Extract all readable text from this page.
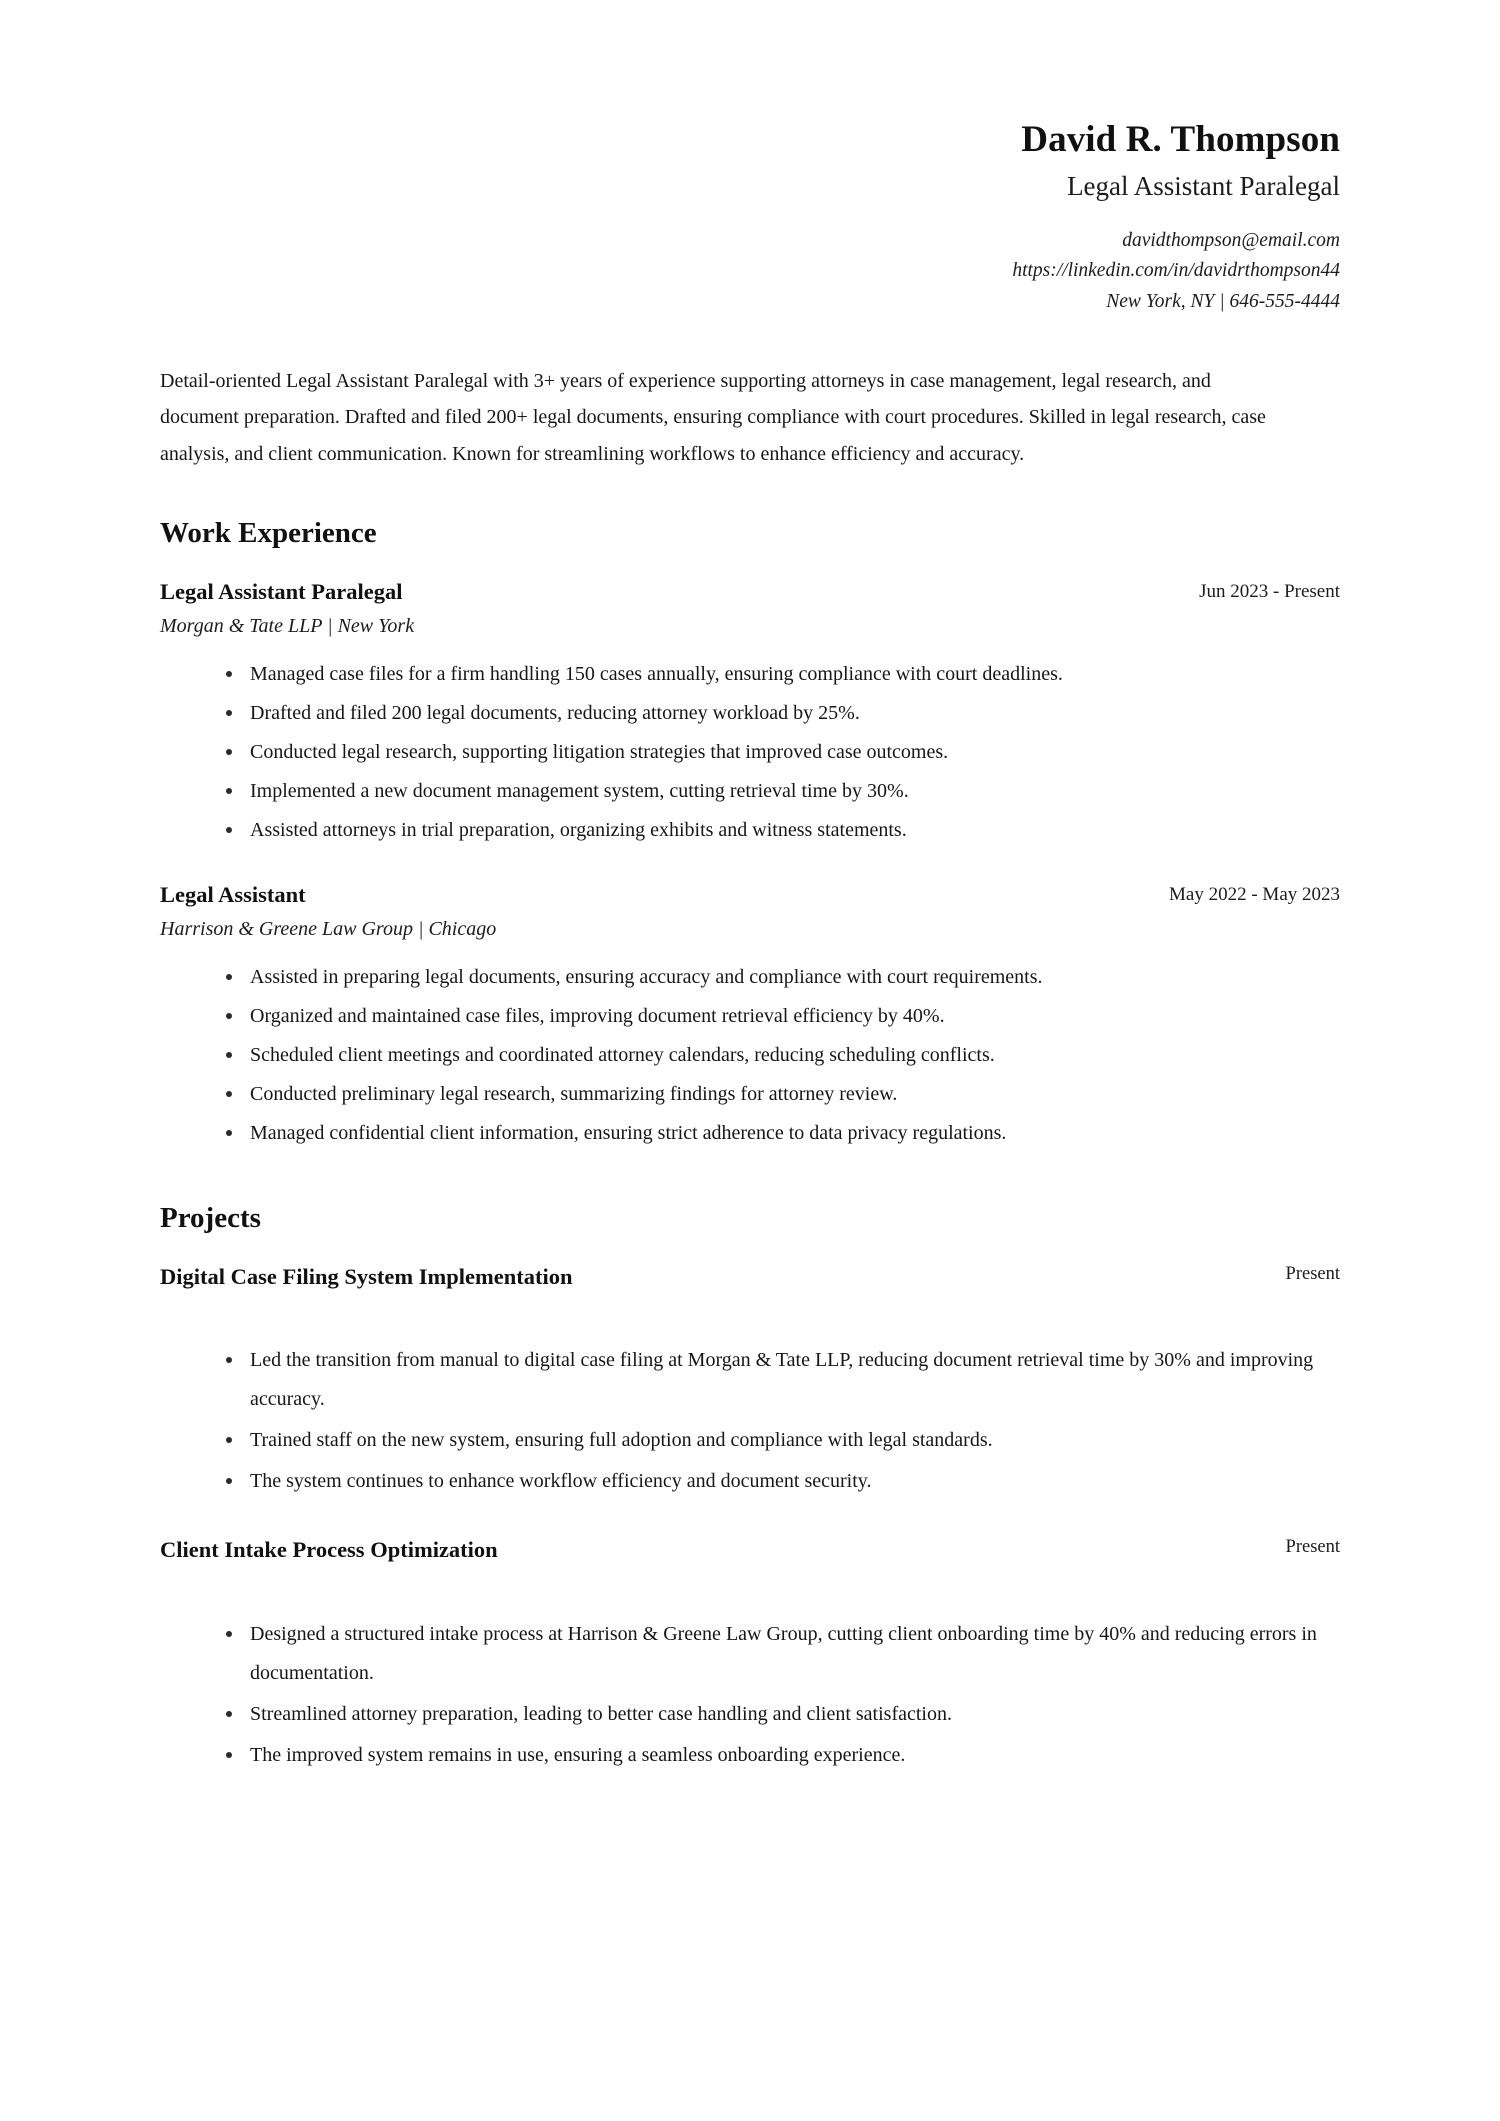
David R. Thompson
Legal Assistant Paralegal
davidthompson@email.com
https://linkedin.com/in/davidrthompson44
New York, NY | 646-555-4444

Detail-oriented Legal Assistant Paralegal with 3+ years of experience supporting attorneys in case management, legal research, and document preparation. Drafted and filed 200+ legal documents, ensuring compliance with court procedures. Skilled in legal research, case analysis, and client communication. Known for streamlining workflows to enhance efficiency and accuracy.

Work Experience
Legal Assistant Paralegal	Jun 2023 - Present
Morgan & Tate LLP | New York
Managed case files for a firm handling 150 cases annually, ensuring compliance with court deadlines.
Drafted and filed 200 legal documents, reducing attorney workload by 25%.
Conducted legal research, supporting litigation strategies that improved case outcomes.
Implemented a new document management system, cutting retrieval time by 30%.
Assisted attorneys in trial preparation, organizing exhibits and witness statements.
Legal Assistant	May 2022 - May 2023
Harrison & Greene Law Group | Chicago
Assisted in preparing legal documents, ensuring accuracy and compliance with court requirements.
Organized and maintained case files, improving document retrieval efficiency by 40%.
Scheduled client meetings and coordinated attorney calendars, reducing scheduling conflicts.
Conducted preliminary legal research, summarizing findings for attorney review.
Managed confidential client information, ensuring strict adherence to data privacy regulations.
Projects
Digital Case Filing System Implementation	Present
Led the transition from manual to digital case filing at Morgan & Tate LLP, reducing document retrieval time by 30% and improving accuracy.
Trained staff on the new system, ensuring full adoption and compliance with legal standards.
The system continues to enhance workflow efficiency and document security.
Client Intake Process Optimization	Present
Designed a structured intake process at Harrison & Greene Law Group, cutting client onboarding time by 40% and reducing errors in documentation.
Streamlined attorney preparation, leading to better case handling and client satisfaction.
The improved system remains in use, ensuring a seamless onboarding experience.
